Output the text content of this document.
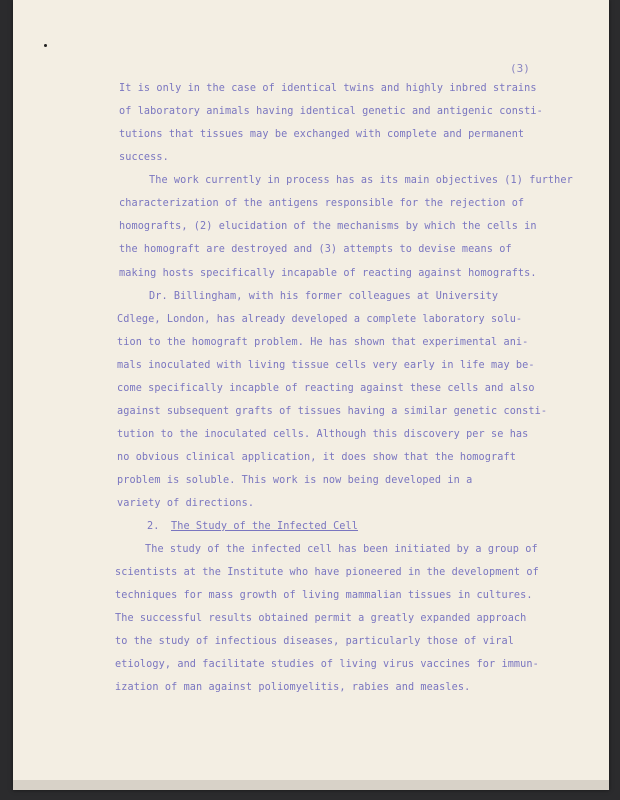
(3)
It is only in the case of identical twins and highly inbred strains
of laboratory animals having identical genetic and antigenic consti-
tutions that tissues may be exchanged with complete and permanent
success.
The work currently in process has as its main objectives (1) further
characterization of the antigens responsible for the rejection of
homografts, (2) elucidation of the mechanisms by which the cells in
the homograft are destroyed and (3) attempts to devise means of
making hosts specifically incapable of reacting against homografts.
Dr. Billingham, with his former colleagues at University
Cdlege, London, has already developed a complete laboratory solu-
tion to the homograft problem. He has shown that experimental ani-
mals inoculated with living tissue cells very early in life may be-
come specifically incapble of reacting against these cells and also
against subsequent grafts of tissues having a similar genetic consti-
tution to the inoculated cells. Although this discovery per se has
no obvious clinical application, it does show that the homograft
problem is soluble. This work is now being developed in a
variety of directions.
2. The Study of the Infected Cell
The study of the infected cell has been initiated by a group of
scientists at the Institute who have pioneered in the development of
techniques for mass growth of living mammalian tissues in cultures.
The successful results obtained permit a greatly expanded approach
to the study of infectious diseases, particularly those of viral
etiology, and facilitate studies of living virus vaccines for immun-
ization of man against poliomyelitis, rabies and measles.
